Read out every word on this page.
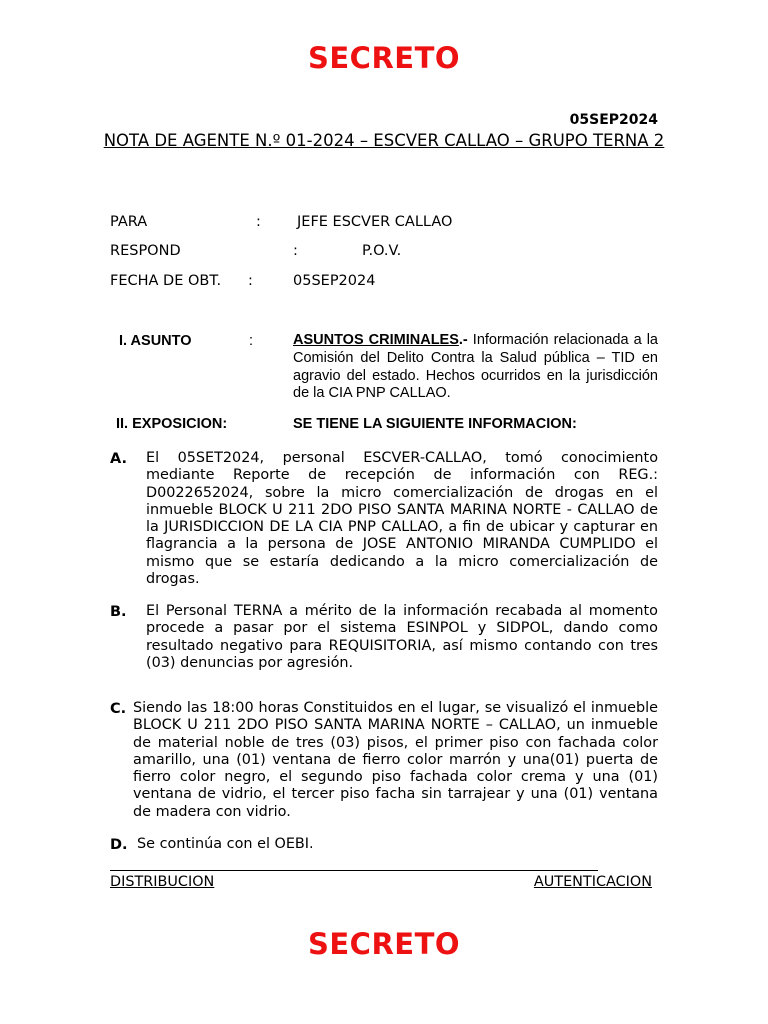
SECRETO
05SEP2024
NOTA DE AGENTE N.º 01-2024 – ESCVER CALLAO – GRUPO TERNA 2
PARA	: JEFE ESCVER CALLAO
RESPOND	:	P.O.V.
FECHA DE OBT. :	05SEP2024
I. ASUNTO	:	ASUNTOS CRIMINALES.- Información relacionada a la Comisión del Delito Contra la Salud pública – TID en agravio del estado. Hechos ocurridos en la jurisdicción de la CIA PNP CALLAO.
II. EXPOSICION:	SE TIENE LA SIGUIENTE INFORMACION:
A. El 05SET2024, personal ESCVER-CALLAO, tomó conocimiento mediante Reporte de recepción de información con REG.: D0022652024, sobre la micro comercialización de drogas en el inmueble BLOCK U 211 2DO PISO SANTA MARINA NORTE - CALLAO de la JURISDICCION DE LA CIA PNP CALLAO, a fin de ubicar y capturar en flagrancia a la persona de JOSE ANTONIO MIRANDA CUMPLIDO el mismo que se estaría dedicando a la micro comercialización de drogas.
B. El Personal TERNA a mérito de la información recabada al momento procede a pasar por el sistema ESINPOL y SIDPOL, dando como resultado negativo para REQUISITORIA, así mismo contando con tres (03) denuncias por agresión.
C. Siendo las 18:00 horas Constituidos en el lugar, se visualizó el inmueble BLOCK U 211 2DO PISO SANTA MARINA NORTE – CALLAO, un inmueble de material noble de tres (03) pisos, el primer piso con fachada color amarillo, una (01) ventana de fierro color marrón y una(01) puerta de fierro color negro, el segundo piso fachada color crema y una (01) ventana de vidrio, el tercer piso facha sin tarrajear y una (01) ventana de madera con vidrio.
D. Se continúa con el OEBI.
DISTRIBUCION	AUTENTICACION
SECRETO
